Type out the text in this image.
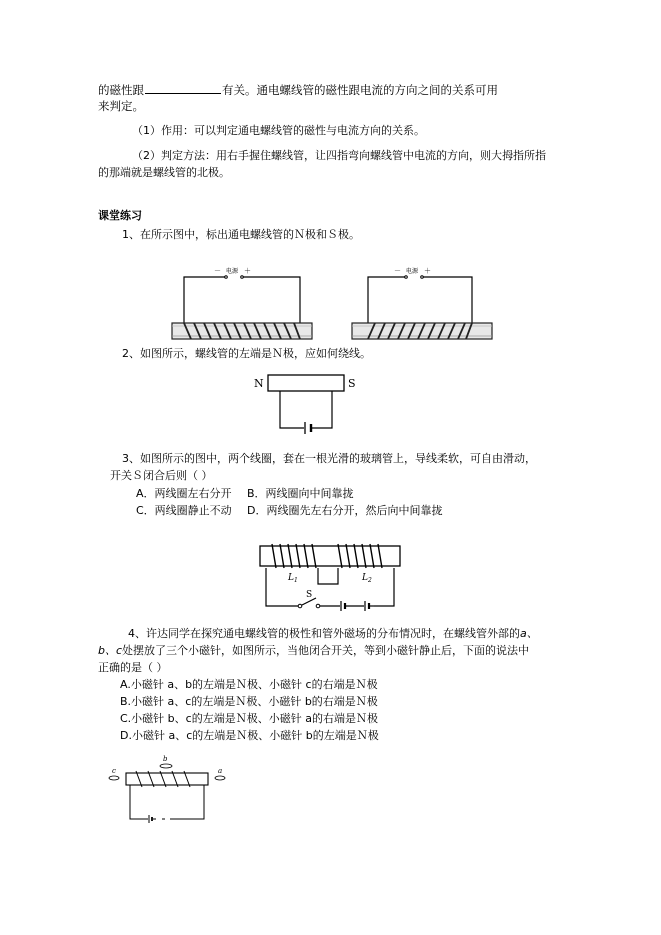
的磁性跟	有关。通电螺线管的磁性跟电流的方向之间的关系可用
来判定。
（1）作用：可以判定通电螺线管的磁性与电流方向的关系。
（2）判定方法：用右手握住螺线管，让四指弯向螺线管中电流的方向，则大拇指所指
的那端就是螺线管的北极。
课堂练习
1、在所示图中，标出通电螺线管的Ｎ极和Ｓ极。
－ 电源 ＋	－ 电源 ＋
2、如图所示，螺线管的左端是Ｎ极，应如何绕线。
N	S
3、如图所示的图中，两个线圈，套在一根光滑的玻璃管上，导线柔软，可自由滑动，
开关Ｓ闭合后则（ ）
A．两线圈左右分开 B．两线圈向中间靠拢
C．两线圈静止不动 D．两线圈先左右分开，然后向中间靠拢
$L_1$	$L_2$
S
4、许达同学在探究通电螺线管的极性和管外磁场的分布情况时，在螺线管外部的a、
b、c处摆放了三个小磁针，如图所示，当他闭合开关，等到小磁针静止后，下面的说法中
正确的是（ ）
A.小磁针 a、b的左端是Ｎ极、小磁针 c的右端是Ｎ极
B.小磁针 a、c的左端是Ｎ极、小磁针 b的右端是Ｎ极
C.小磁针 b、c的左端是Ｎ极、小磁针 a的右端是Ｎ极
D.小磁针 a、c的左端是Ｎ极、小磁针 b的左端是Ｎ极
b
c	a
